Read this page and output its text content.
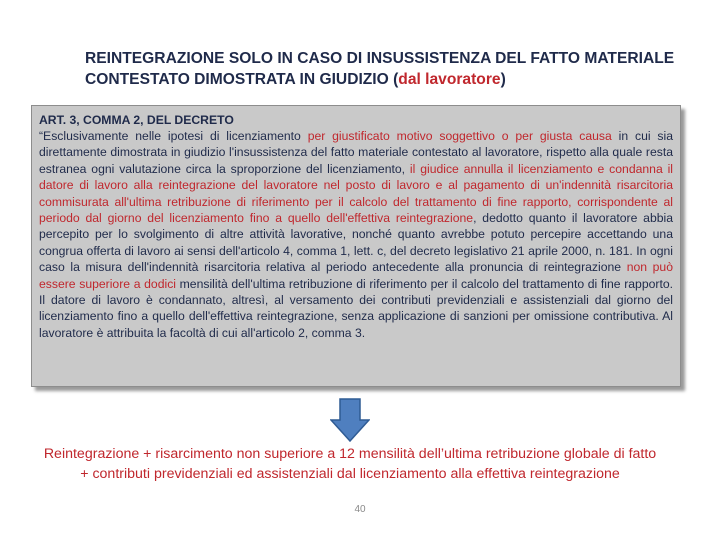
REINTEGRAZIONE SOLO IN CASO DI INSUSSISTENZA DEL FATTO MATERIALE CONTESTATO DIMOSTRATA IN GIUDIZIO (dal lavoratore)

ART. 3, COMMA 2, DEL DECRETO

“Esclusivamente nelle ipotesi di licenziamento per giustificato motivo soggettivo o per giusta causa in cui sia direttamente dimostrata in giudizio l'insussistenza del fatto materiale contestato al lavoratore, rispetto alla quale resta estranea ogni valutazione circa la sproporzione del licenziamento, il giudice annulla il licenziamento e condanna il datore di lavoro alla reintegrazione del lavoratore nel posto di lavoro e al pagamento di un'indennità risarcitoria commisurata all'ultima retribuzione di riferimento per il calcolo del trattamento di fine rapporto, corrispondente al periodo dal giorno del licenziamento fino a quello dell'effettiva reintegrazione, dedotto quanto il lavoratore abbia percepito per lo svolgimento di altre attività lavorative, nonché quanto avrebbe potuto percepire accettando una congrua offerta di lavoro ai sensi dell'articolo 4, comma 1, lett. c, del decreto legislativo 21 aprile 2000, n. 181. In ogni caso la misura dell'indennità risarcitoria relativa al periodo antecedente alla pronuncia di reintegrazione non può essere superiore a dodici mensilità dell'ultima retribuzione di riferimento per il calcolo del trattamento di fine rapporto. Il datore di lavoro è condannato, altresì, al versamento dei contributi previdenziali e assistenziali dal giorno del licenziamento fino a quello dell'effettiva reintegrazione, senza applicazione di sanzioni per omissione contributiva. Al lavoratore è attribuita la facoltà di cui all'articolo 2, comma 3.

Reintegrazione + risarcimento non superiore a 12 mensilità dell’ultima retribuzione globale di fatto + contributi previdenziali ed assistenziali dal licenziamento alla effettiva reintegrazione

40
